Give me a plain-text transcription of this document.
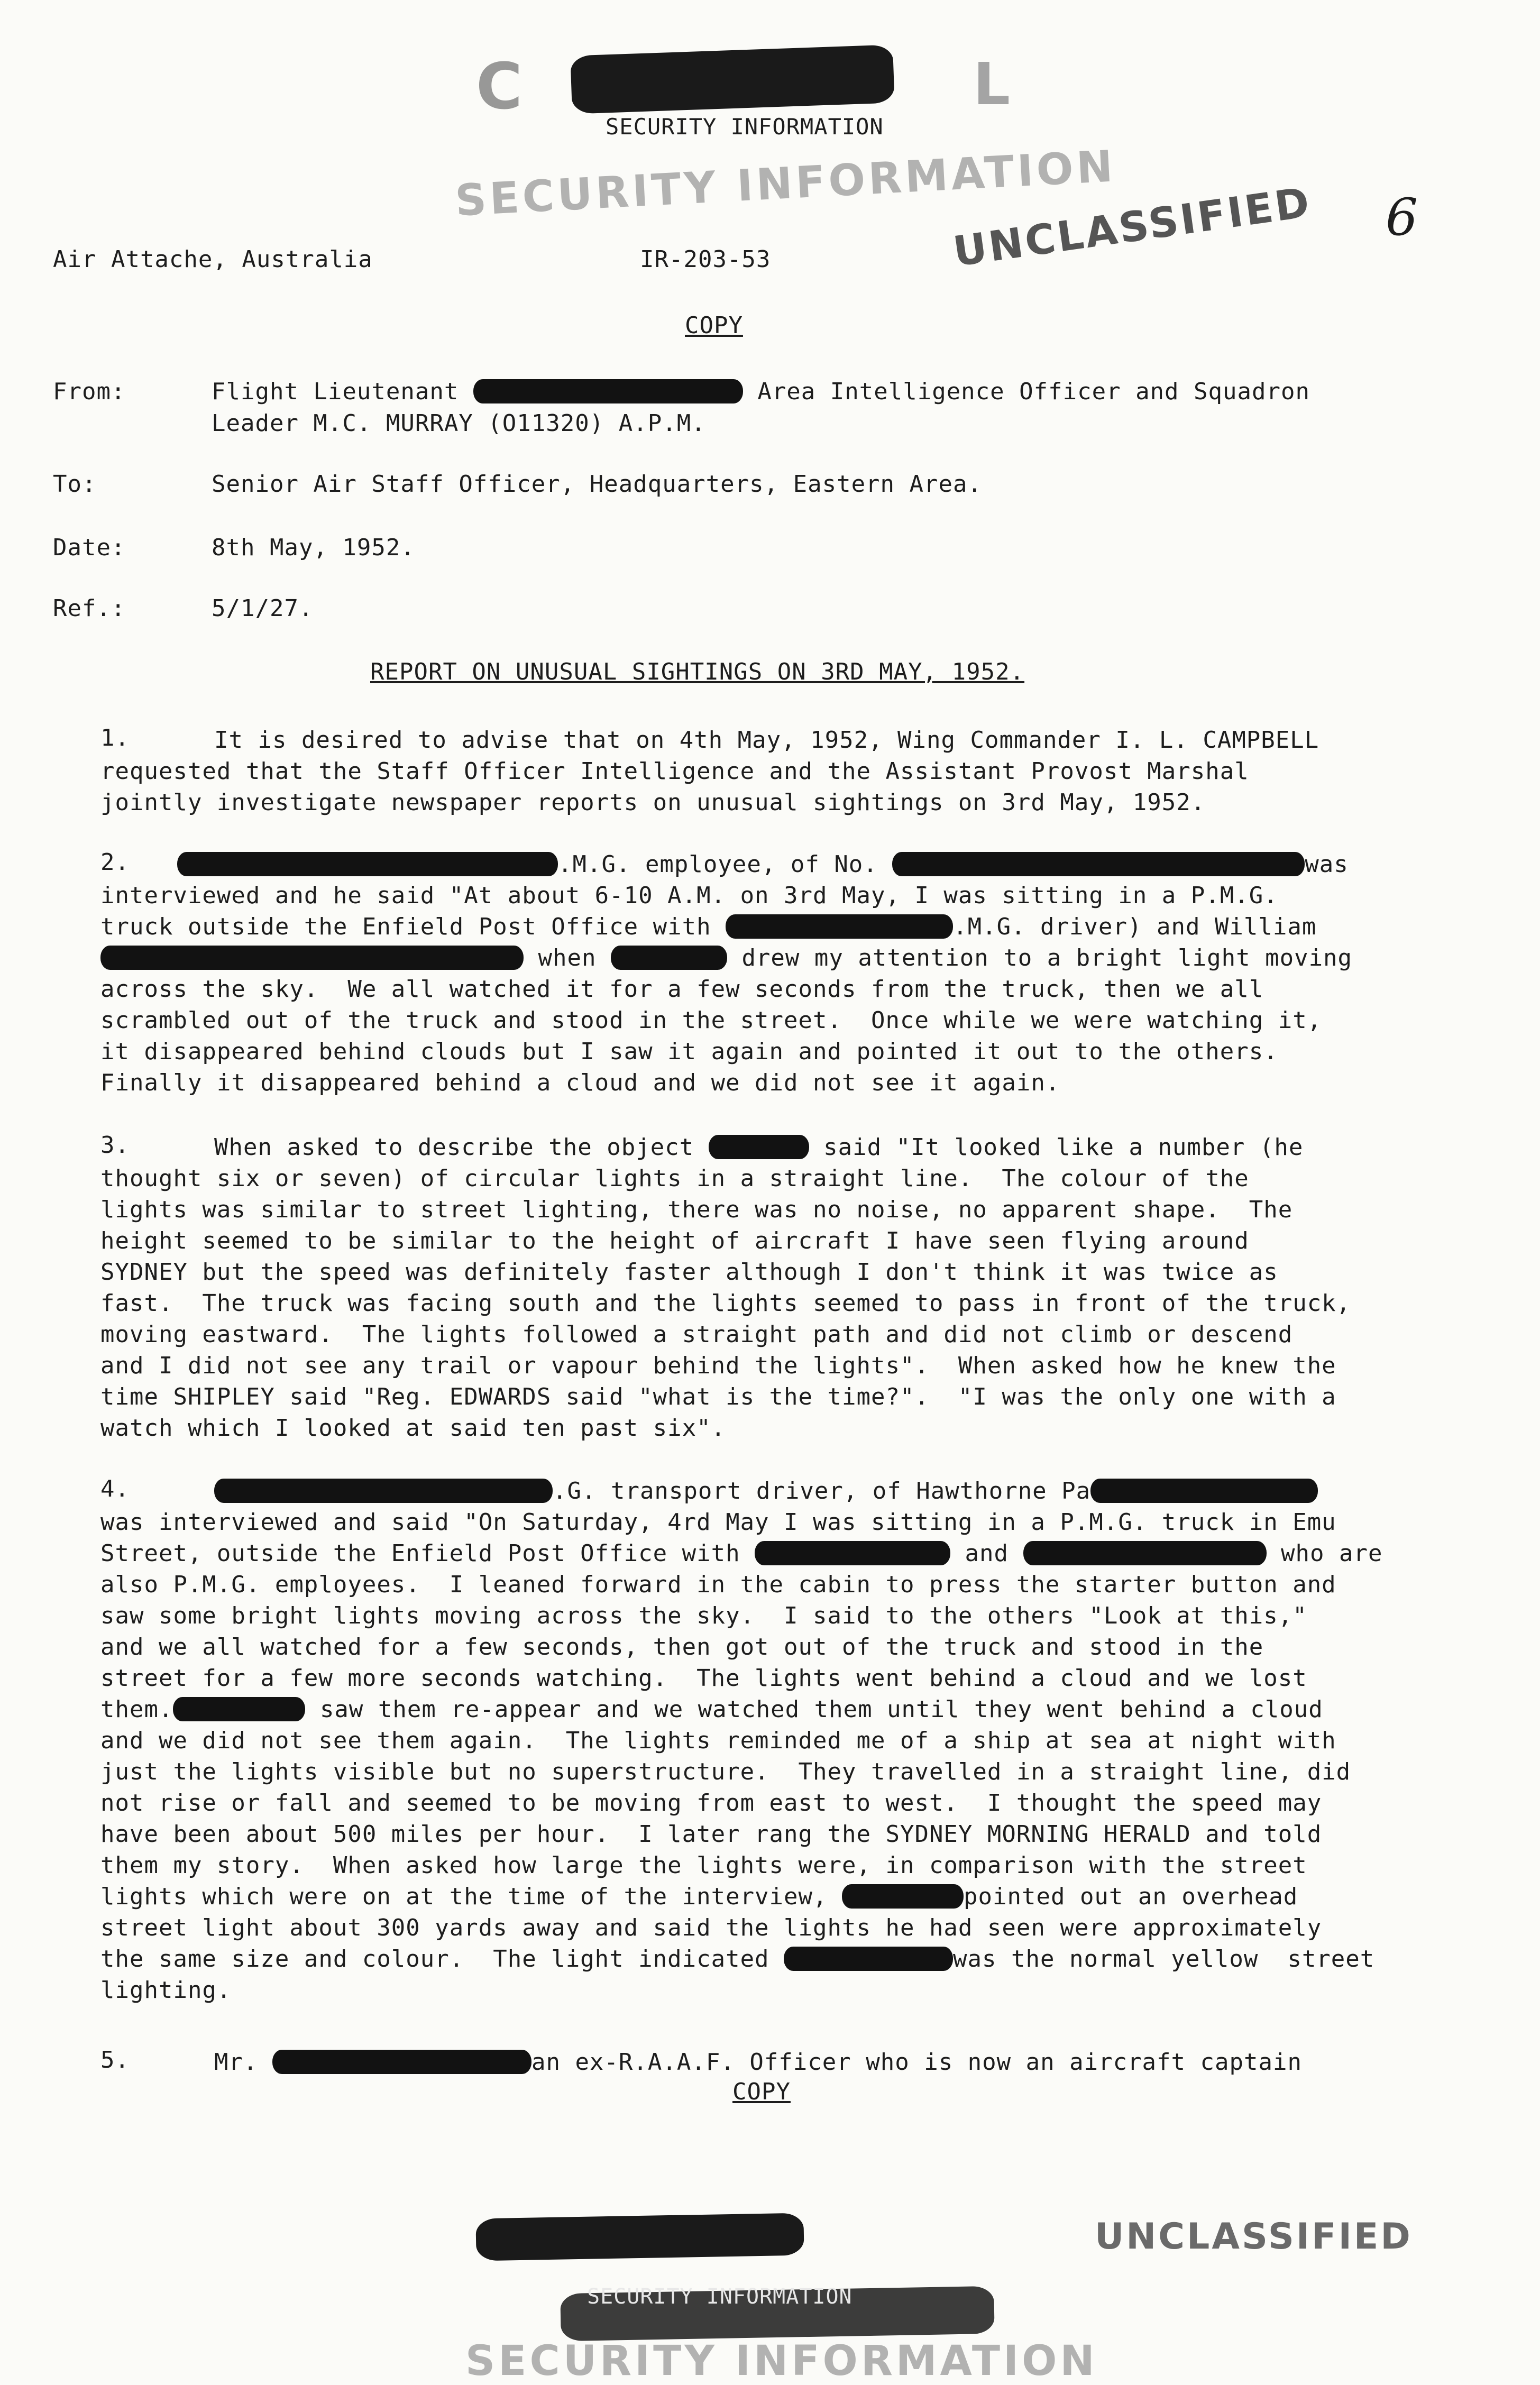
C	L
SECURITY INFORMATION
SECURITY INFORMATION
UNCLASSIFIED 6
Air Attache, Australia	IR-203-53
COPY
From:	Flight Lieutenant	Area Intelligence Officer and Squadron
Leader M.C. MURRAY (O11320) A.P.M.
To:	Senior Air Staff Officer, Headquarters, Eastern Area.
Date:	8th May, 1952.
Ref.:	5/1/27.
REPORT ON UNUSUAL SIGHTINGS ON 3RD MAY, 1952.
1.	It is desired to advise that on 4th May, 1952, Wing Commander I. L. CAMPBELL
requested that the Staff Officer Intelligence and the Assistant Provost Marshal
jointly investigate newspaper reports on unusual sightings on 3rd May, 1952.
2.	.M.G. employee, of No.	was
interviewed and he said "At about 6-10 A.M. on 3rd May, I was sitting in a P.M.G.
truck outside the Enfield Post Office with	.M.G. driver) and William
when	drew my attention to a bright light moving
across the sky.  We all watched it for a few seconds from the truck, then we all
scrambled out of the truck and stood in the street.  Once while we were watching it,
it disappeared behind clouds but I saw it again and pointed it out to the others.
Finally it disappeared behind a cloud and we did not see it again.
3.	When asked to describe the object	said "It looked like a number (he
thought six or seven) of circular lights in a straight line.  The colour of the
lights was similar to street lighting, there was no noise, no apparent shape.  The
height seemed to be similar to the height of aircraft I have seen flying around
SYDNEY but the speed was definitely faster although I don't think it was twice as
fast.  The truck was facing south and the lights seemed to pass in front of the truck,
moving eastward.  The lights followed a straight path and did not climb or descend
and I did not see any trail or vapour behind the lights".  When asked how he knew the
time SHIPLEY said "Reg. EDWARDS said "what is the time?".  "I was the only one with a
watch which I looked at said ten past six".
4.	.G. transport driver, of Hawthorne Pa
was interviewed and said "On Saturday, 4rd May I was sitting in a P.M.G. truck in Emu
Street, outside the Enfield Post Office with	and	who are
also P.M.G. employees.  I leaned forward in the cabin to press the starter button and
saw some bright lights moving across the sky.  I said to the others "Look at this,"
and we all watched for a few seconds, then got out of the truck and stood in the
street for a few more seconds watching.  The lights went behind a cloud and we lost
them.	saw them re-appear and we watched them until they went behind a cloud
and we did not see them again.  The lights reminded me of a ship at sea at night with
just the lights visible but no superstructure.  They travelled in a straight line, did
not rise or fall and seemed to be moving from east to west.  I thought the speed may
have been about 500 miles per hour.  I later rang the SYDNEY MORNING HERALD and told
them my story.  When asked how large the lights were, in comparison with the street
lights which were on at the time of the interview,	pointed out an overhead
street light about 300 yards away and said the lights he had seen were approximately
the same size and colour.  The light indicated	was the normal yellow  street
lighting.
5.	Mr.	an ex-R.A.A.F. Officer who is now an aircraft captain
COPY
UNCLASSIFIED
SECURITY INFORMATION
SECURITY INFORMATION
